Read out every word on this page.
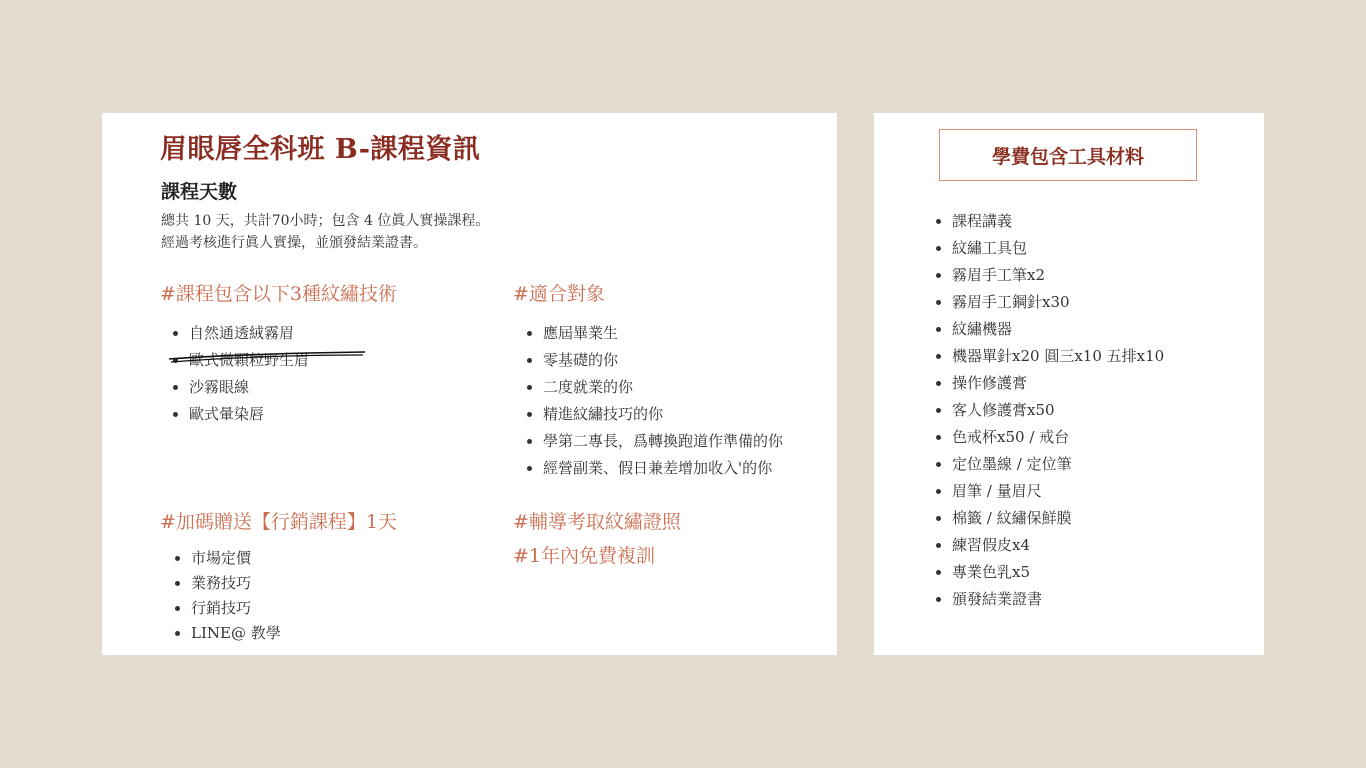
眉眼唇全科班 B-課程資訊
課程天數
總共 10 天，共計70小時；包含 4 位眞人實操課程。
經過考核進行眞人實操，並頒發結業證書。
#課程包含以下3種紋繡技術
• 自然通透絨霧眉
• 歐式微顆粒野生眉
• 沙霧眼線
• 歐式暈染唇
#適合對象
• 應屆畢業生
• 零基礎的你
• 二度就業的你
• 精進紋繡技巧的你
• 學第二專長，爲轉換跑道作準備的你
• 經營副業、假日兼差增加收入'的你
#加碼贈送【行銷課程】1天
• 市場定價
• 業務技巧
• 行銷技巧
• LINE@ 教學
#輔導考取紋繡證照
#1年內免費複訓
學費包含工具材料
• 課程講義
• 紋繡工具包
• 霧眉手工筆x2
• 霧眉手工鋼針x30
• 紋繡機器
• 機器單針x20 圓三x10 五排x10
• 操作修護膏
• 客人修護膏x50
• 色戒杯x50 / 戒台
• 定位墨線 / 定位筆
• 眉筆 / 量眉尺
• 棉籤 / 紋繡保鮮膜
• 練習假皮x4
• 專業色乳x5
• 頒發結業證書
